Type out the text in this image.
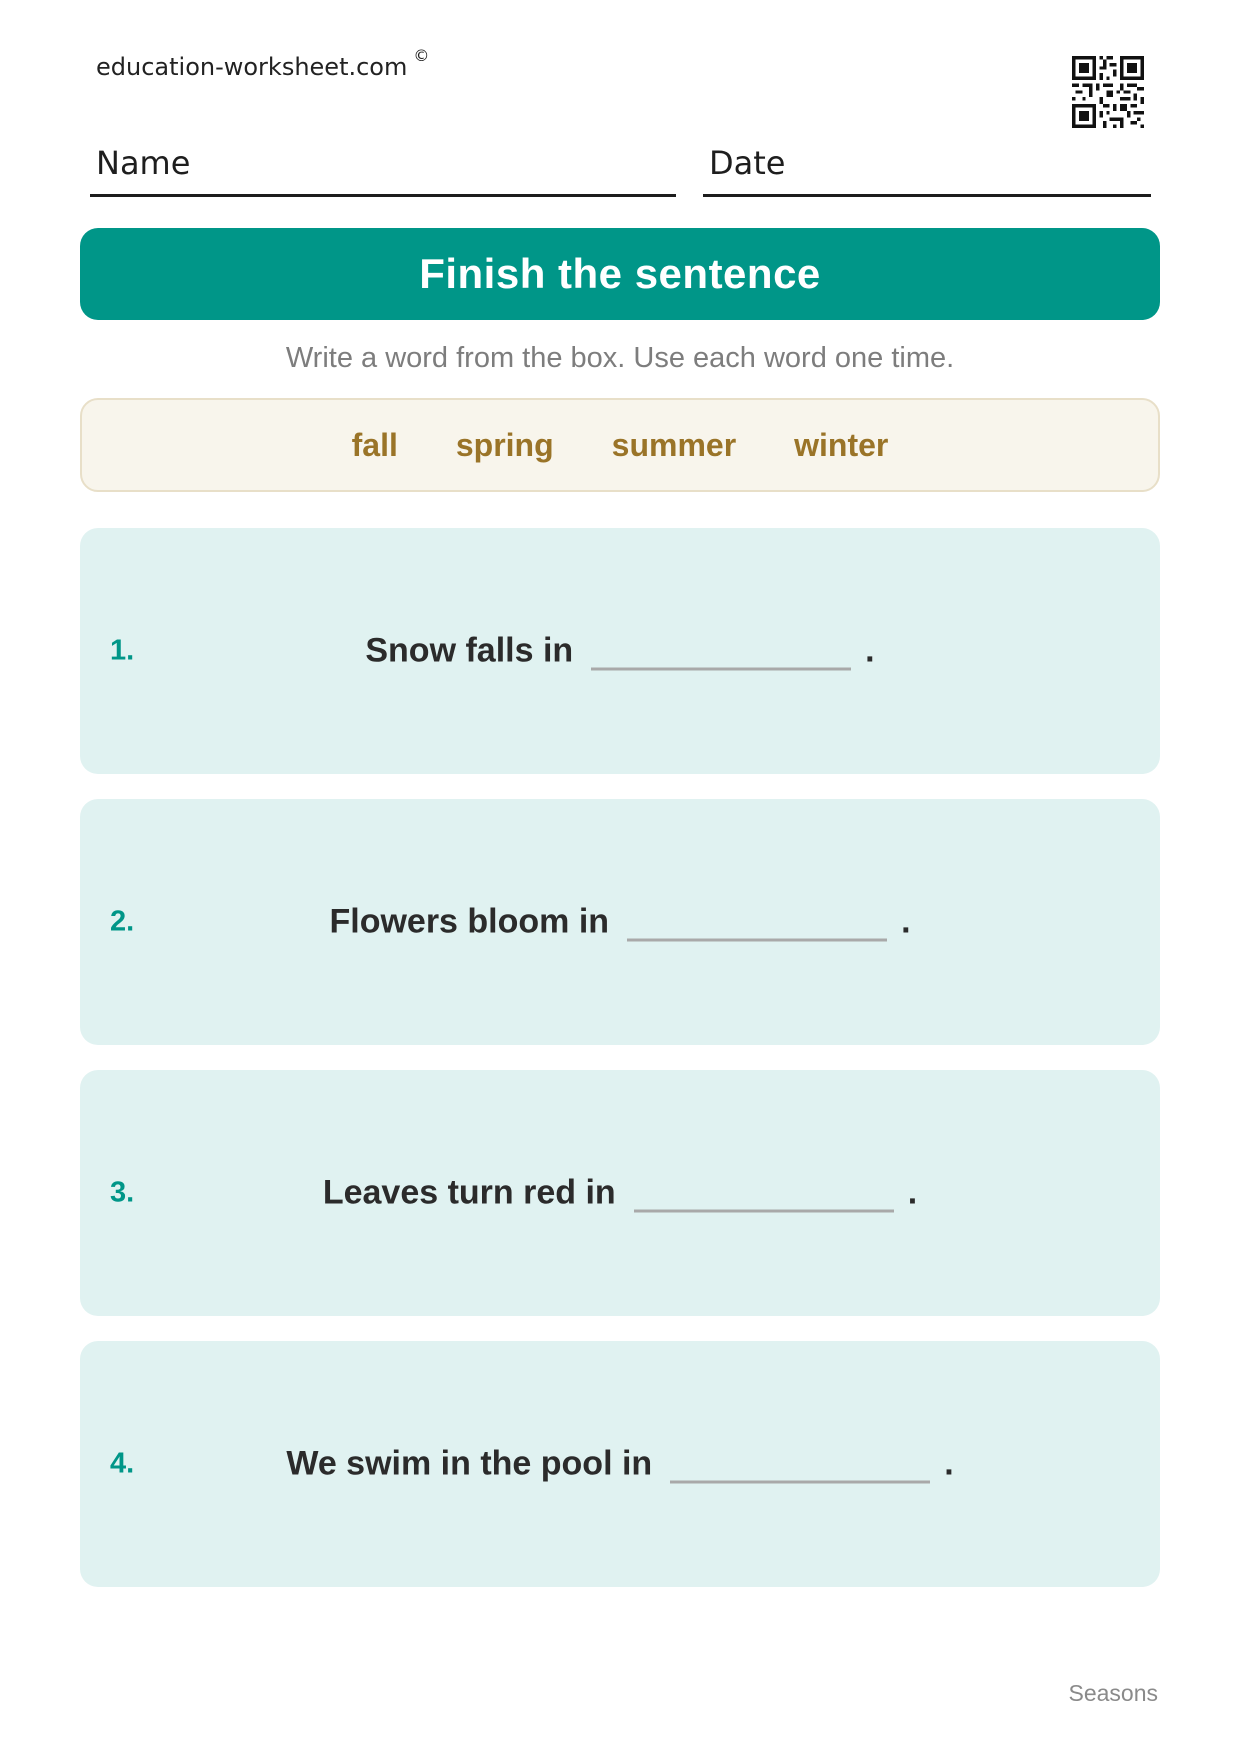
education-worksheet.com ©
Name	Date
Finish the sentence
Write a word from the box. Use each word one time.
fall spring summer winter
1.	Snow falls in	.
2.	Flowers bloom in	.
3.	Leaves turn red in	.
4.	We swim in the pool in	.
Seasons
